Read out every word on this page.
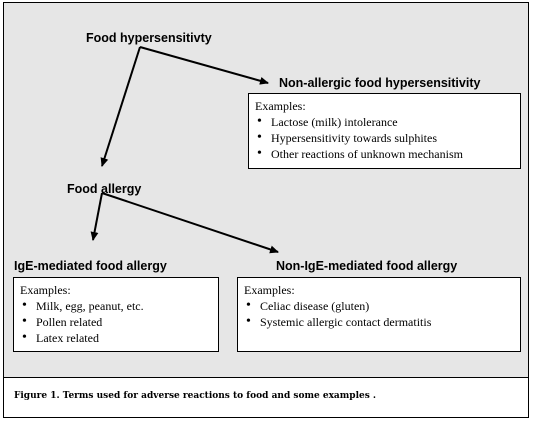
Food hypersensitivty
Non-allergic food hypersensitivity
Food allergy
IgE-mediated food allergy	Non-IgE-mediated food allergy
Examples:
• Lactose (milk) intolerance
• Hypersensitivity towards sulphites
• Other reactions of unknown mechanism
Examples:
• Milk, egg, peanut, etc.
• Pollen related
• Latex related
Examples:
• Celiac disease (gluten)
• Systemic allergic contact dermatitis
Figure 1. Terms used for adverse reactions to food and some examples .
